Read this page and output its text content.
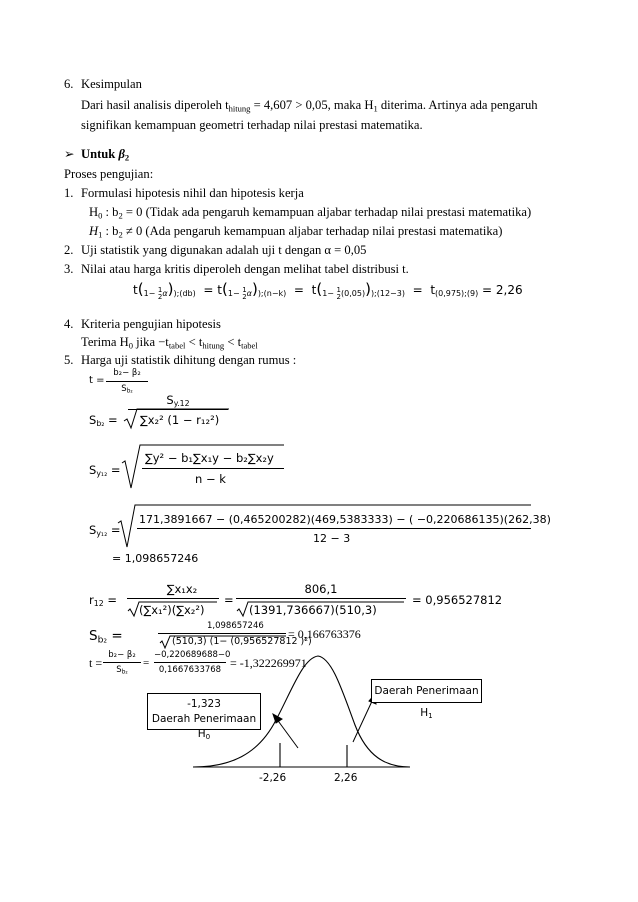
6. Kesimpulan
Dari hasil analisis diperoleh $t_{hitung} = 4,607 > 0,05$, maka $H_1$ diterima. Artinya ada pengaruh
signifikan kemampuan geometri terhadap nilai prestasi matematika.
➢ Untuk $\beta_2$
Proses pengujian:
1. Formulasi hipotesis nihil dan hipotesis kerja
$H_0$ : $b_2 = 0$ (Tidak ada pengaruh kemampuan aljabar terhadap nilai prestasi matematika)
$H_1$ : $b_2 \ne 0$ (Ada pengaruh kemampuan aljabar terhadap nilai prestasi matematika)
2. Uji statistik yang digunakan adalah uji t dengan α = 0,05
3. Nilai atau harga kritis diperoleh dengan melihat tabel distribusi t.
$t(_{1- 1 2\alpha})_{);(db)} = t(_{1- 1 2\alpha})_{);(n-k)} = t(_{1- 1 2(0,05)})_{);(12-3)} = t_{(0,975);(9)} = 2,26$
4. Kriteria pengujian hipotesis
Terima $H_0$ jika $-t_{tabel} < t_{hitung} < t_{tabel}$
5. Harga uji statistik dihitung dengan rumus :
t =
b₂− β₂
$S_{b_2}$
$S_{b_2}$ =
$S_{y.12}$
∑x₂² (1 − r₁₂²)
$S_{y_{12}}$ =
∑y² − b₁∑x₁y − b₂∑x₂y
n − k
$S_{y_{12}}$ =
171,3891667 − (0,465200282)(469,5383333) − ( −0,220686135)(262,38)
12 − 3
= 1,098657246
$r_{12}$ =
∑x₁x₂
(∑x₁²)(∑x₂²)
=
806,1
(1391,736667)(510,3)
= 0,956527812
$S_{b_2}$ =
1,098657246
(510,3) (1− (0,956527812 )²)
= 0,166763376
t =
b₂− β₂
$S_{b_2}$
=
−0,220689688−0
0,1667633768 = -1,322269971
Daerah Penerimaan $H_1$
-1,323
Daerah Penerimaan $H_0$
-2,26	2,26
